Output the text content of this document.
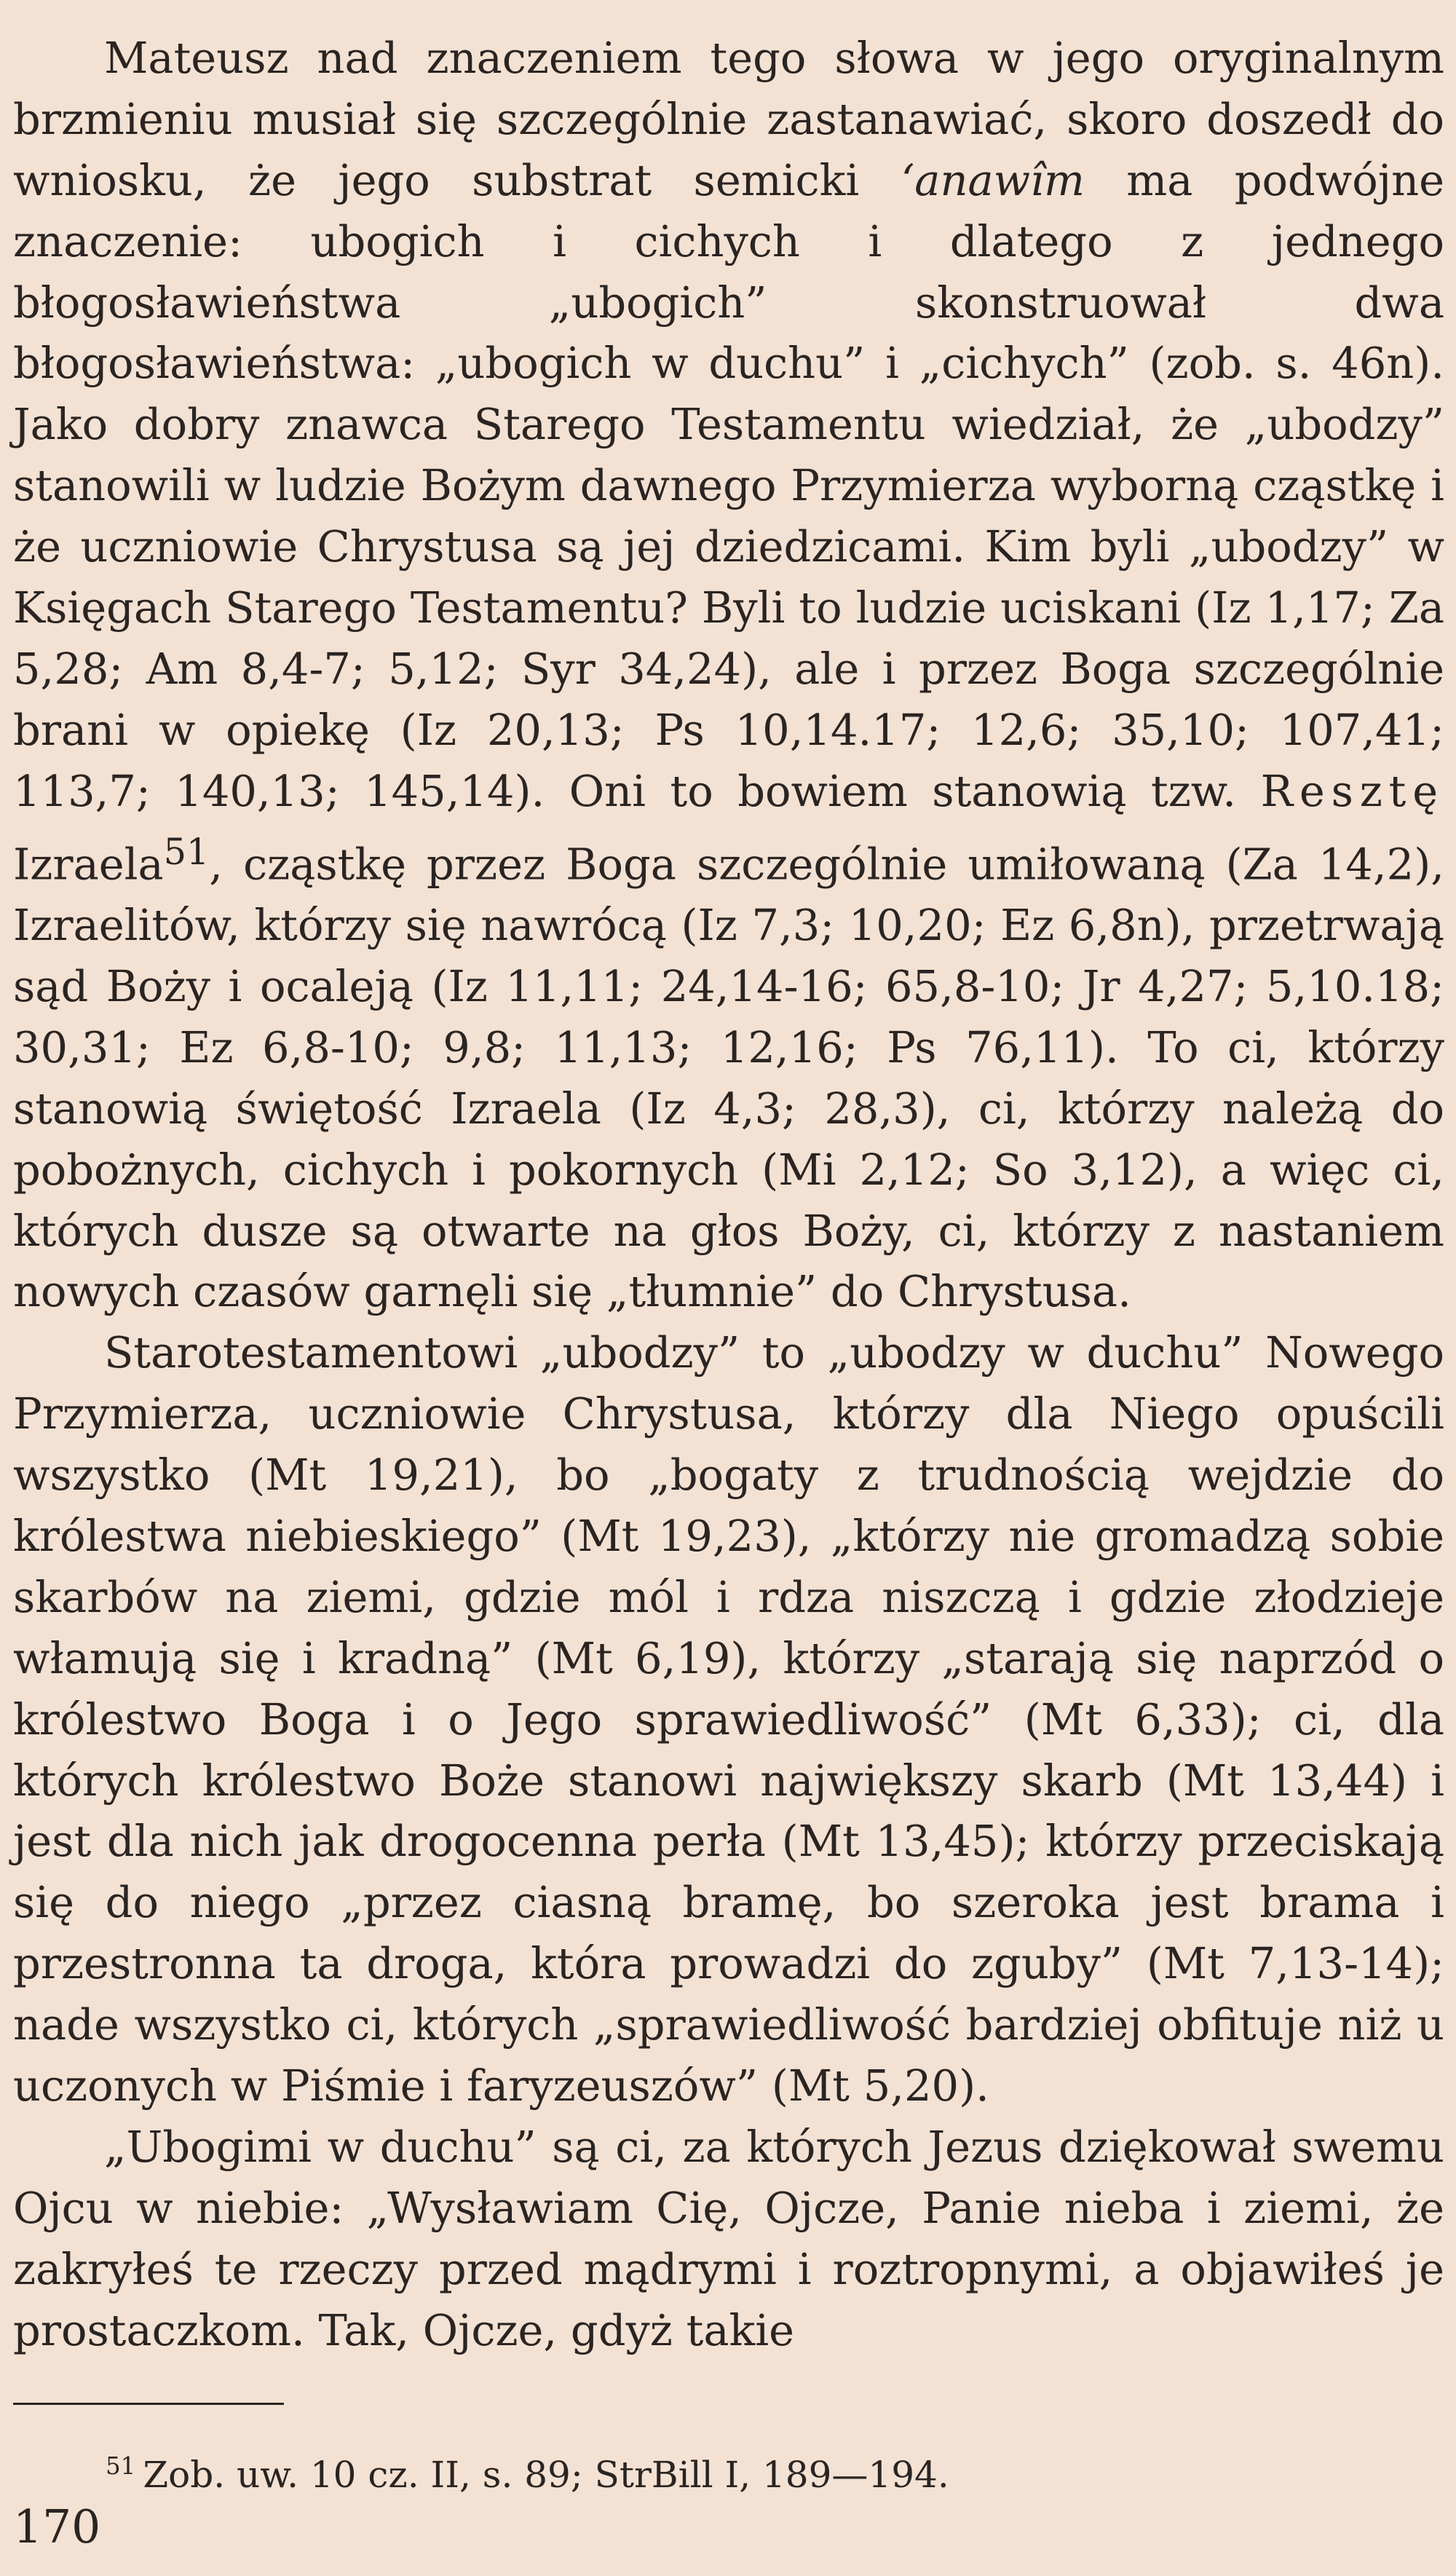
Mateusz nad znaczeniem tego słowa w jego oryginalnym brzmieniu musiał się szczególnie zastanawiać, skoro doszedł do wniosku, że jego substrat semicki ‘anawîm ma podwójne znaczenie: ubogich i cichych i dlatego z jednego błogosławieństwa „ubogich” skonstruował dwa błogosławieństwa: „ubogich w duchu” i „cichych” (zob. s. 46n). Jako dobry znawca Starego Testamentu wiedział, że „ubodzy” stanowili w ludzie Bożym dawnego Przymierza wyborną cząstkę i że uczniowie Chrystusa są jej dziedzicami. Kim byli „ubodzy” w Księgach Starego Testamentu? Byli to ludzie uciskani (Iz 1,17; Za 5,28; Am 8,4-7; 5,12; Syr 34,24), ale i przez Boga szczególnie brani w opiekę (Iz 20,13; Ps 10,14.17; 12,6; 35,10; 107,41; 113,7; 140,13; 145,14). Oni to bowiem stanowią tzw. Resztę Izraela$^{51}$, cząstkę przez Boga szczególnie umiłowaną (Za 14,2), Izraelitów, którzy się nawrócą (Iz 7,3; 10,20; Ez 6,8n), przetrwają sąd Boży i ocaleją (Iz 11,11; 24,14-16; 65,8-10; Jr 4,27; 5,10.18; 30,31; Ez 6,8-10; 9,8; 11,13; 12,16; Ps 76,11). To ci, którzy stanowią świętość Izraela (Iz 4,3; 28,3), ci, którzy należą do pobożnych, cichych i pokornych (Mi 2,12; So 3,12), a więc ci, których dusze są otwarte na głos Boży, ci, którzy z nastaniem nowych czasów garnęli się „tłumnie” do Chrystusa.

Starotestamentowi „ubodzy” to „ubodzy w duchu” Nowego Przymierza, uczniowie Chrystusa, którzy dla Niego opuścili wszystko (Mt 19,21), bo „bogaty z trudnością wejdzie do królestwa niebieskiego” (Mt 19,23), „którzy nie gromadzą sobie skarbów na ziemi, gdzie mól i rdza niszczą i gdzie złodzieje włamują się i kradną” (Mt 6,19), którzy „starają się naprzód o królestwo Boga i o Jego sprawiedliwość” (Mt 6,33); ci, dla których królestwo Boże stanowi największy skarb (Mt 13,44) i jest dla nich jak drogocenna perła (Mt 13,45); którzy przeciskają się do niego „przez ciasną bramę, bo szeroka jest brama i przestronna ta droga, która prowadzi do zguby” (Mt 7,13-14); nade wszystko ci, których „sprawiedliwość bardziej obfituje niż u uczonych w Piśmie i faryzeuszów” (Mt 5,20).

„Ubogimi w duchu” są ci, za których Jezus dziękował swemu Ojcu w niebie: „Wysławiam Cię, Ojcze, Panie nieba i ziemi, że zakryłeś te rzeczy przed mądrymi i roztropnymi, a objawiłeś je prostaczkom. Tak, Ojcze, gdyż takie

$^{51}$ Zob. uw. 10 cz. II, s. 89; StrBill I, 189—194.
170
